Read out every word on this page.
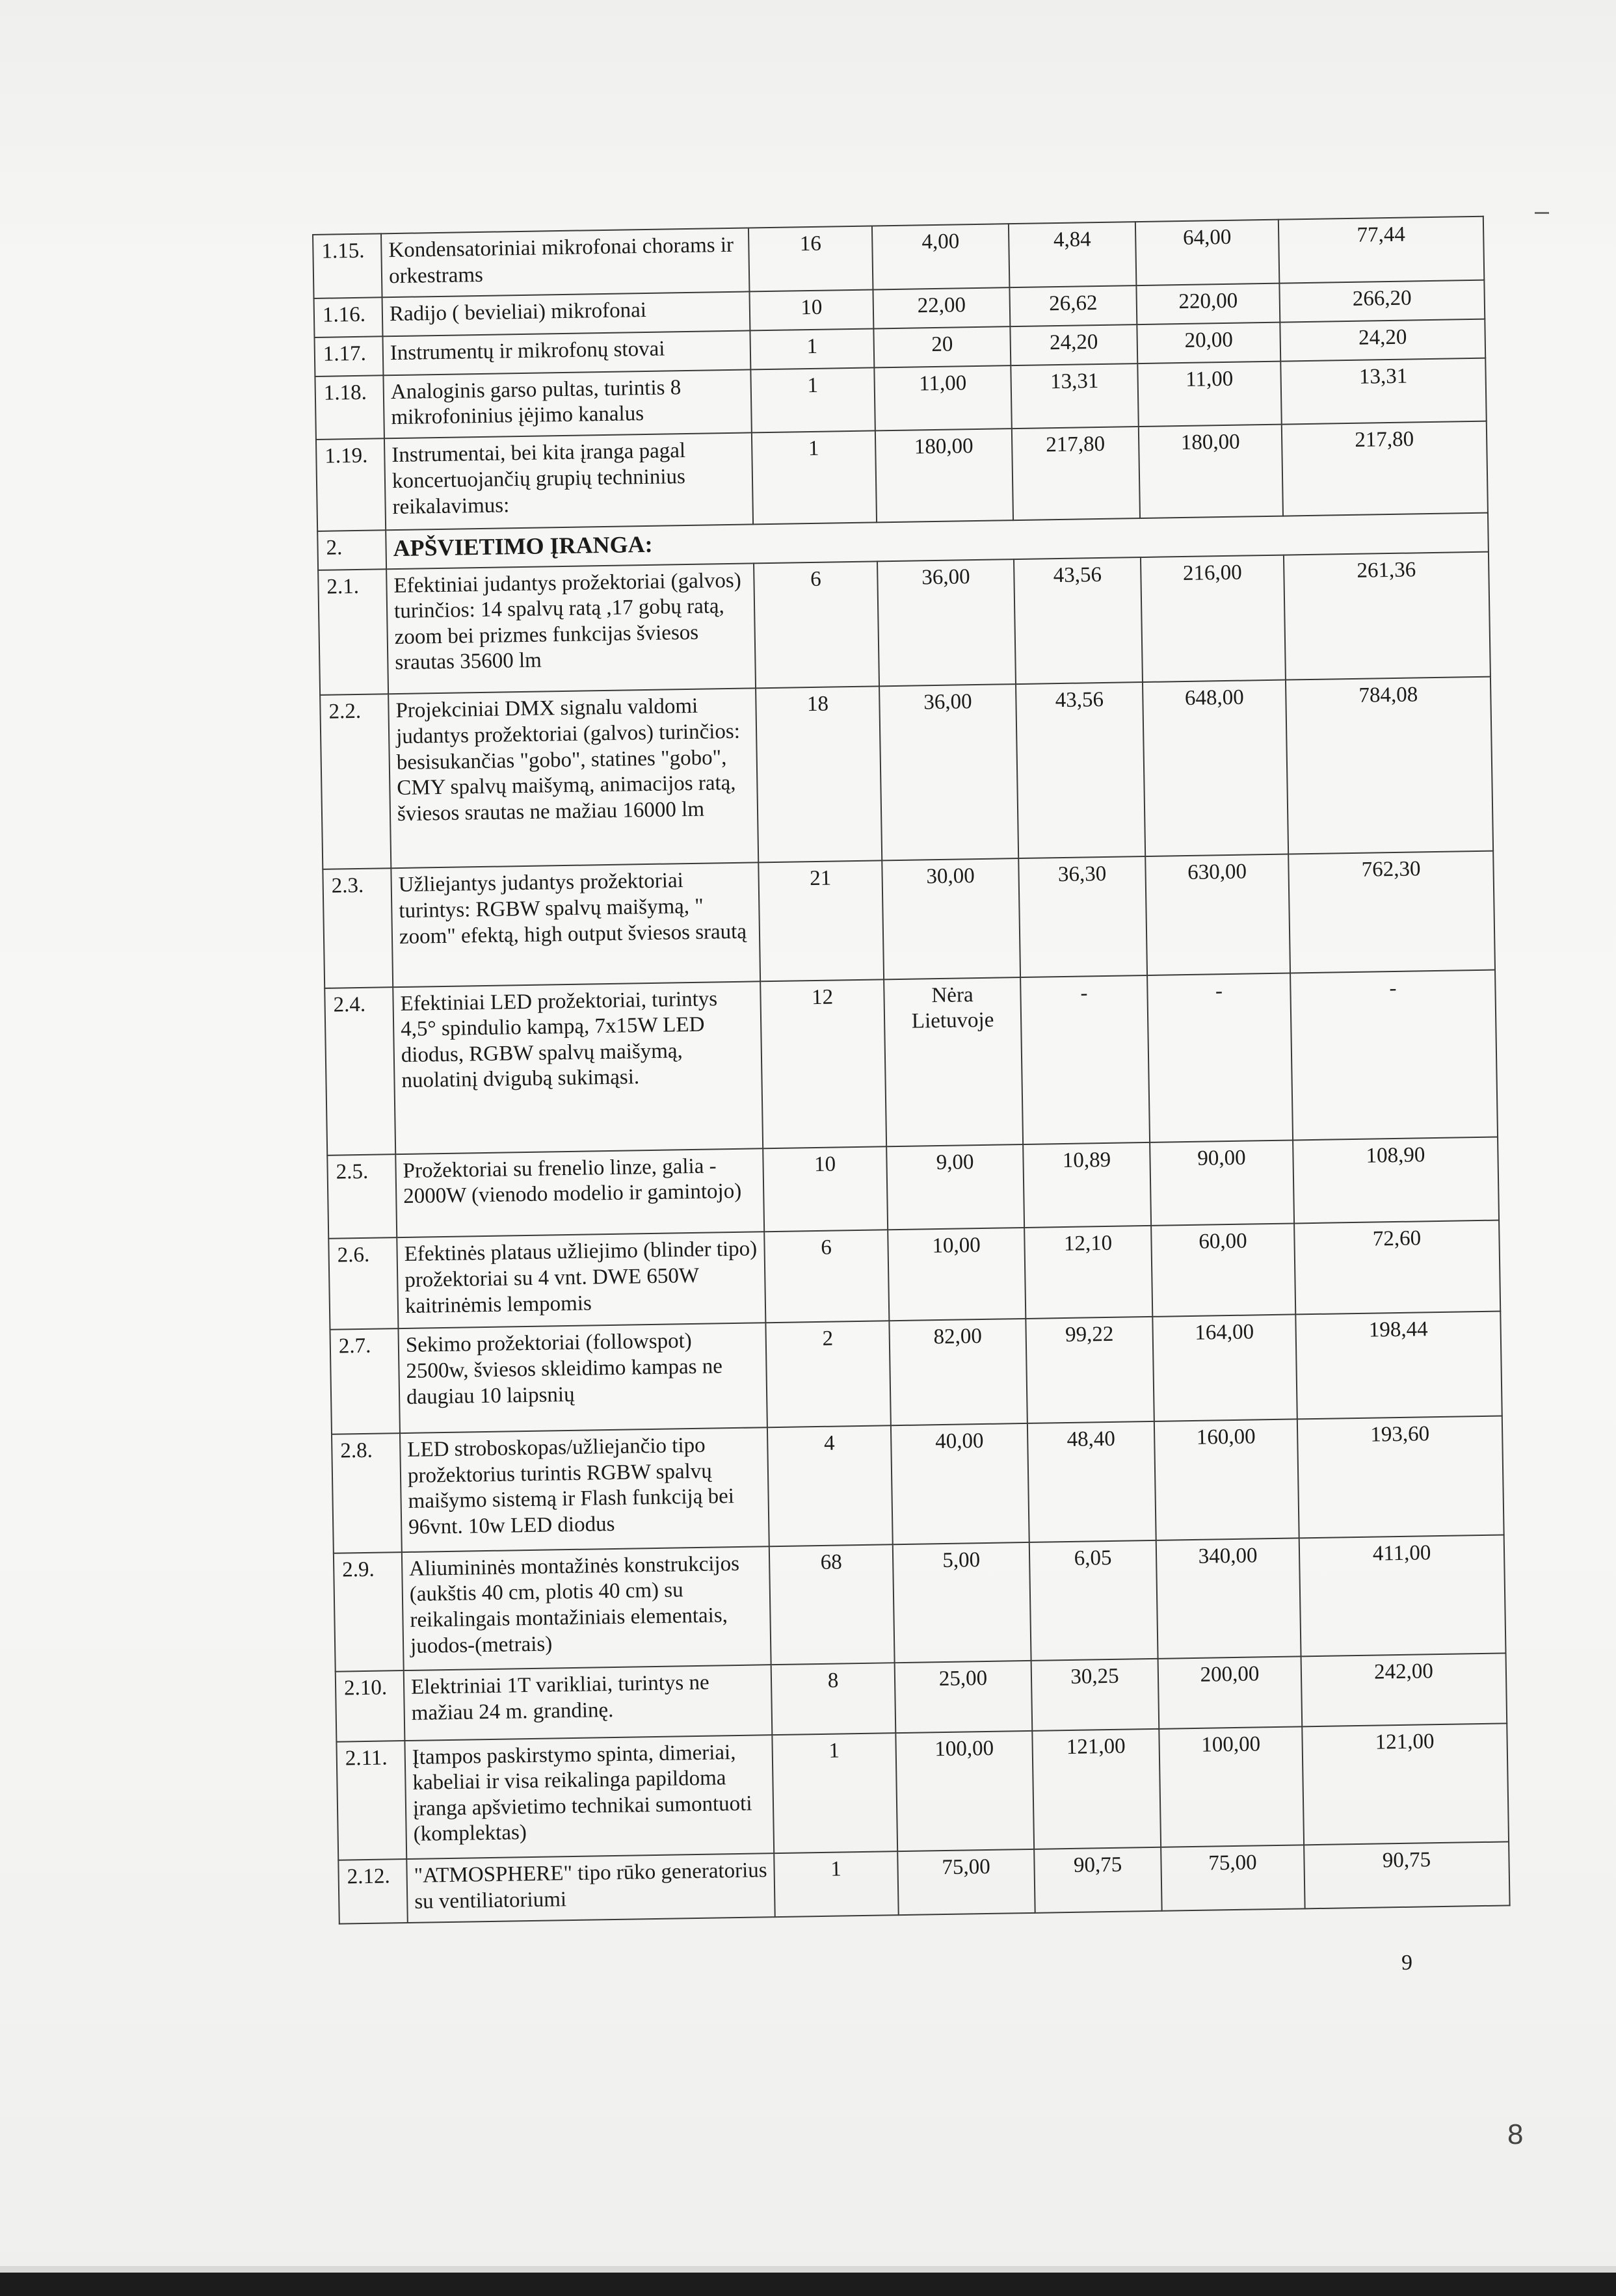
1.15.	Kondensatoriniai mikrofonai chorams ir orkestrams	16	4,00	4,84	64,00	77,44
1.16.	Radijo ( bevieliai) mikrofonai	10	22,00	26,62	220,00	266,20
1.17.	Instrumentų ir mikrofonų stovai	1	20	24,20	20,00	24,20
1.18.	Analoginis garso pultas, turintis 8 mikrofoninius įėjimo kanalus	1	11,00	13,31	11,00	13,31
1.19.	Instrumentai, bei kita įranga pagal koncertuojančių grupių techninius reikalavimus:	1	180,00	217,80	180,00	217,80
2.	APŠVIETIMO ĮRANGA:					
2.1.	Efektiniai judantys prožektoriai (galvos) turinčios: 14 spalvų ratą ,17 gobų ratą, zoom bei prizmes funkcijas šviesos srautas 35600 lm	6	36,00	43,56	216,00	261,36
2.2.	Projekciniai DMX signalu valdomi judantys prožektoriai (galvos) turinčios: besisukančias "gobo", statines "gobo", CMY spalvų maišymą, animacijos ratą, šviesos srautas ne mažiau 16000 lm	18	36,00	43,56	648,00	784,08
2.3.	Užliejantys judantys prožektoriai turintys: RGBW spalvų maišymą, " zoom" efektą, high output šviesos srautą	21	30,00	36,30	630,00	762,30
2.4.	Efektiniai LED prožektoriai, turintys 4,5° spindulio kampą, 7x15W LED diodus, RGBW spalvų maišymą, nuolatinį dvigubą sukimąsi.	12	Nėra Lietuvoje	-	-	-
2.5.	Prožektoriai su frenelio linze, galia - 2000W (vienodo modelio ir gamintojo)	10	9,00	10,89	90,00	108,90
2.6.	Efektinės plataus užliejimo (blinder tipo) prožektoriai su 4 vnt. DWE 650W kaitrinėmis lempomis	6	10,00	12,10	60,00	72,60
2.7.	Sekimo prožektoriai (followspot) 2500w, šviesos skleidimo kampas ne daugiau 10 laipsnių	2	82,00	99,22	164,00	198,44
2.8.	LED stroboskopas/užliejančio tipo prožektorius turintis RGBW spalvų maišymo sistemą ir Flash funkciją bei 96vnt. 10w LED diodus	4	40,00	48,40	160,00	193,60
2.9.	Aliumininės montažinės konstrukcijos (aukštis 40 cm, plotis 40 cm) su reikalingais montažiniais elementais, juodos-(metrais)	68	5,00	6,05	340,00	411,00
2.10.	Elektriniai 1T varikliai, turintys ne mažiau 24 m. grandinę.	8	25,00	30,25	200,00	242,00
2.11.	Įtampos paskirstymo spinta, dimeriai, kabeliai ir visa reikalinga papildoma įranga apšvietimo technikai sumontuoti (komplektas)	1	100,00	121,00	100,00	121,00
2.12.	"ATMOSPHERE" tipo rūko generatorius su ventiliatoriumi	1	75,00	90,75	75,00	90,75
9
8
